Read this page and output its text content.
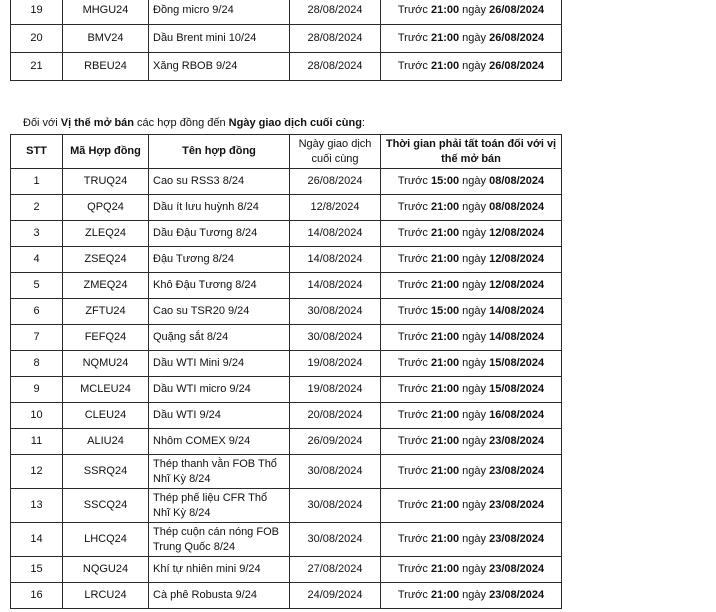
19	MHGU24	Đồng micro 9/24	28/08/2024	Trước 21:00 ngày 26/08/2024
20	BMV24	Dầu Brent mini 10/24	28/08/2024	Trước 21:00 ngày 26/08/2024
21	RBEU24	Xăng RBOB 9/24	28/08/2024	Trước 21:00 ngày 26/08/2024
Đối với Vị thế mở bán các hợp đồng đến Ngày giao dịch cuối cùng:
STT	Mã Hợp đồng	Tên hợp đồng	Ngày giao dịch cuối cùng	Thời gian phải tất toán đối với vị thế mở bán
1	TRUQ24	Cao su RSS3 8/24	26/08/2024	Trước 15:00 ngày 08/08/2024
2	QPQ24	Dầu ít lưu huỳnh 8/24	12/8/2024	Trước 21:00 ngày 08/08/2024
3	ZLEQ24	Dầu Đậu Tương 8/24	14/08/2024	Trước 21:00 ngày 12/08/2024
4	ZSEQ24	Đậu Tương 8/24	14/08/2024	Trước 21:00 ngày 12/08/2024
5	ZMEQ24	Khô Đậu Tương 8/24	14/08/2024	Trước 21:00 ngày 12/08/2024
6	ZFTU24	Cao su TSR20 9/24	30/08/2024	Trước 15:00 ngày 14/08/2024
7	FEFQ24	Quặng sắt 8/24	30/08/2024	Trước 21:00 ngày 14/08/2024
8	NQMU24	Dầu WTI Mini 9/24	19/08/2024	Trước 21:00 ngày 15/08/2024
9	MCLEU24	Dầu WTI micro 9/24	19/08/2024	Trước 21:00 ngày 15/08/2024
10	CLEU24	Dầu WTI 9/24	20/08/2024	Trước 21:00 ngày 16/08/2024
11	ALIU24	Nhôm COMEX 9/24	26/09/2024	Trước 21:00 ngày 23/08/2024
12	SSRQ24	Thép thanh vằn FOB Thổ Nhĩ Kỳ 8/24	30/08/2024	Trước 21:00 ngày 23/08/2024
13	SSCQ24	Thép phế liệu CFR Thổ Nhĩ Kỳ 8/24	30/08/2024	Trước 21:00 ngày 23/08/2024
14	LHCQ24	Thép cuộn cán nóng FOB Trung Quốc 8/24	30/08/2024	Trước 21:00 ngày 23/08/2024
15	NQGU24	Khí tự nhiên mini 9/24	27/08/2024	Trước 21:00 ngày 23/08/2024
16	LRCU24	Cà phê Robusta 9/24	24/09/2024	Trước 21:00 ngày 23/08/2024
